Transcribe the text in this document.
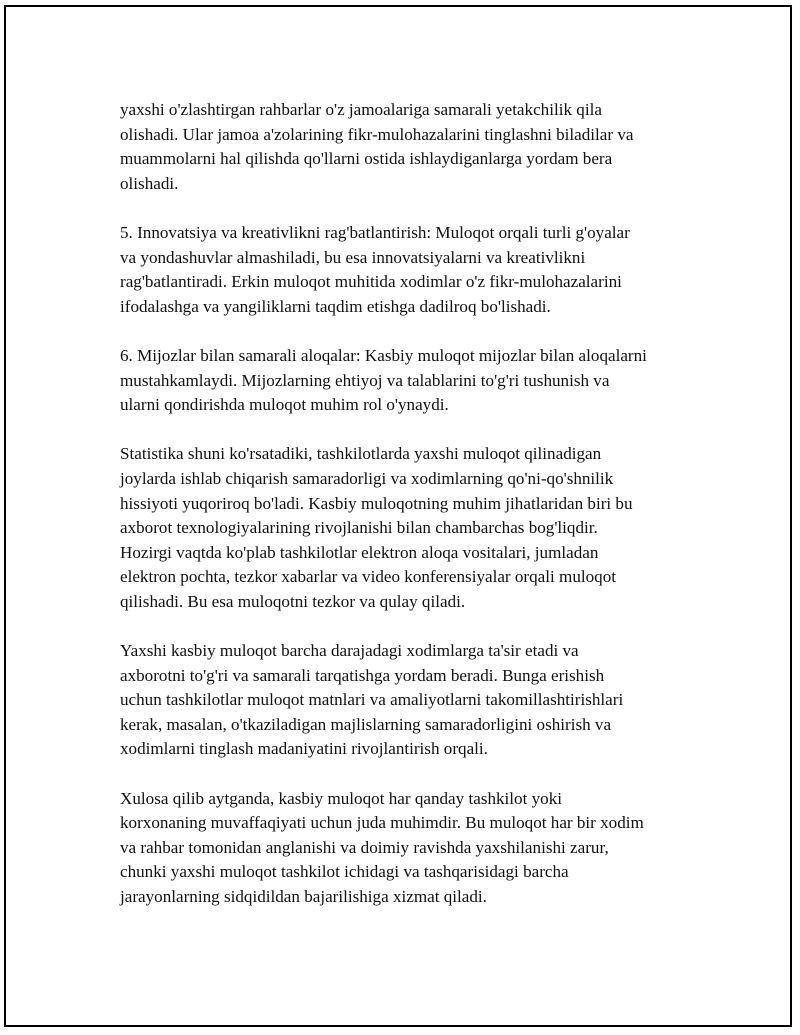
yaxshi o'zlashtirgan rahbarlar o'z jamoalariga samarali yetakchilik qila
olishadi. Ular jamoa a'zolarining fikr-mulohazalarini tinglashni biladilar va
muammolarni hal qilishda qo'llarni ostida ishlaydiganlarga yordam bera
olishadi.

5. Innovatsiya va kreativlikni rag'batlantirish: Muloqot orqali turli g'oyalar
va yondashuvlar almashiladi, bu esa innovatsiyalarni va kreativlikni
rag'batlantiradi. Erkin muloqot muhitida xodimlar o'z fikr-mulohazalarini
ifodalashga va yangiliklarni taqdim etishga dadilroq bo'lishadi.

6. Mijozlar bilan samarali aloqalar: Kasbiy muloqot mijozlar bilan aloqalarni
mustahkamlaydi. Mijozlarning ehtiyoj va talablarini to'g'ri tushunish va
ularni qondirishda muloqot muhim rol o'ynaydi.

Statistika shuni ko'rsatadiki, tashkilotlarda yaxshi muloqot qilinadigan
joylarda ishlab chiqarish samaradorligi va xodimlarning qo'ni-qo'shnilik
hissiyoti yuqoriroq bo'ladi. Kasbiy muloqotning muhim jihatlaridan biri bu
axborot texnologiyalarining rivojlanishi bilan chambarchas bog'liqdir.
Hozirgi vaqtda ko'plab tashkilotlar elektron aloqa vositalari, jumladan
elektron pochta, tezkor xabarlar va video konferensiyalar orqali muloqot
qilishadi. Bu esa muloqotni tezkor va qulay qiladi.

Yaxshi kasbiy muloqot barcha darajadagi xodimlarga ta'sir etadi va
axborotni to'g'ri va samarali tarqatishga yordam beradi. Bunga erishish
uchun tashkilotlar muloqot matnlari va amaliyotlarni takomillashtirishlari
kerak, masalan, o'tkaziladigan majlislarning samaradorligini oshirish va
xodimlarni tinglash madaniyatini rivojlantirish orqali.

Xulosa qilib aytganda, kasbiy muloqot har qanday tashkilot yoki
korxonaning muvaffaqiyati uchun juda muhimdir. Bu muloqot har bir xodim
va rahbar tomonidan anglanishi va doimiy ravishda yaxshilanishi zarur,
chunki yaxshi muloqot tashkilot ichidagi va tashqarisidagi barcha
jarayonlarning sidqidildan bajarilishiga xizmat qiladi.
